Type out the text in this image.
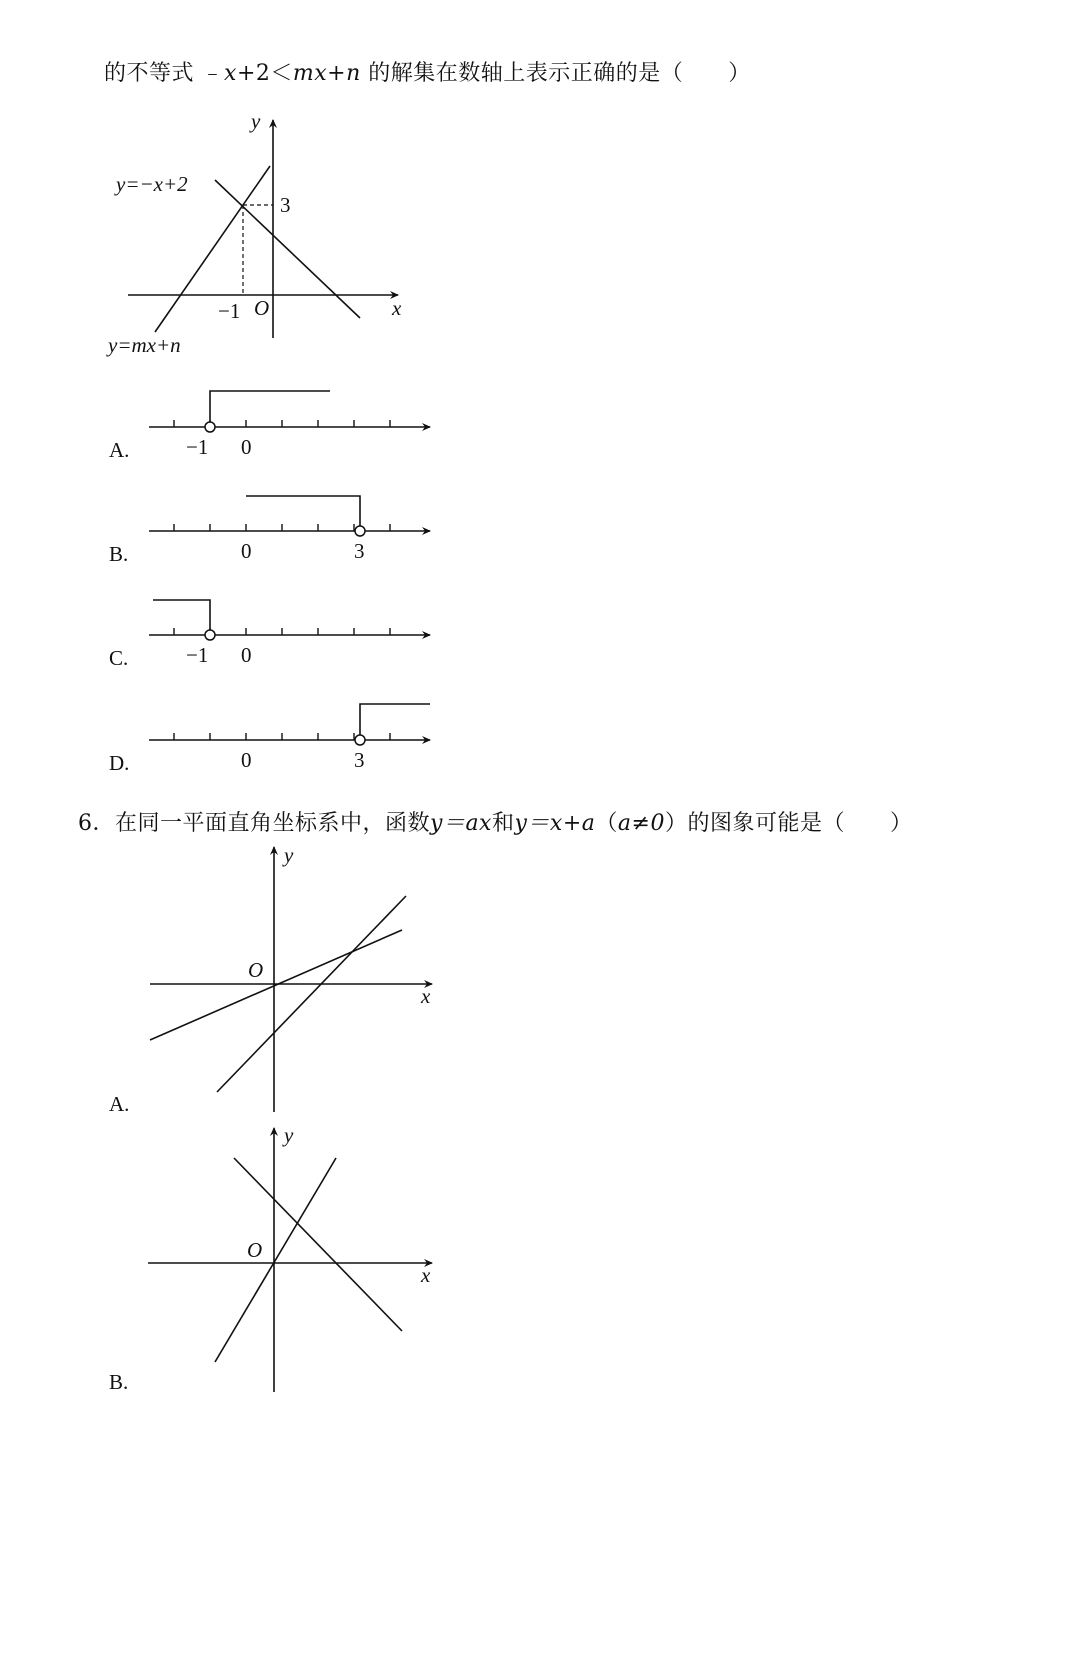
的不等式 ﹣x+2＜mx+n 的解集在数轴上表示正确的是（　　）
y=−x+2
y=mx+n
y
x
O
−1
3
−1 0
0	3
−1 0
0	3
y
x
O
y
x
O
A.
B.
C.
D.
6．在同一平面直角坐标系中，函数y＝ax和y＝x+a（a≠0）的图象可能是（　　）
A.
B.
